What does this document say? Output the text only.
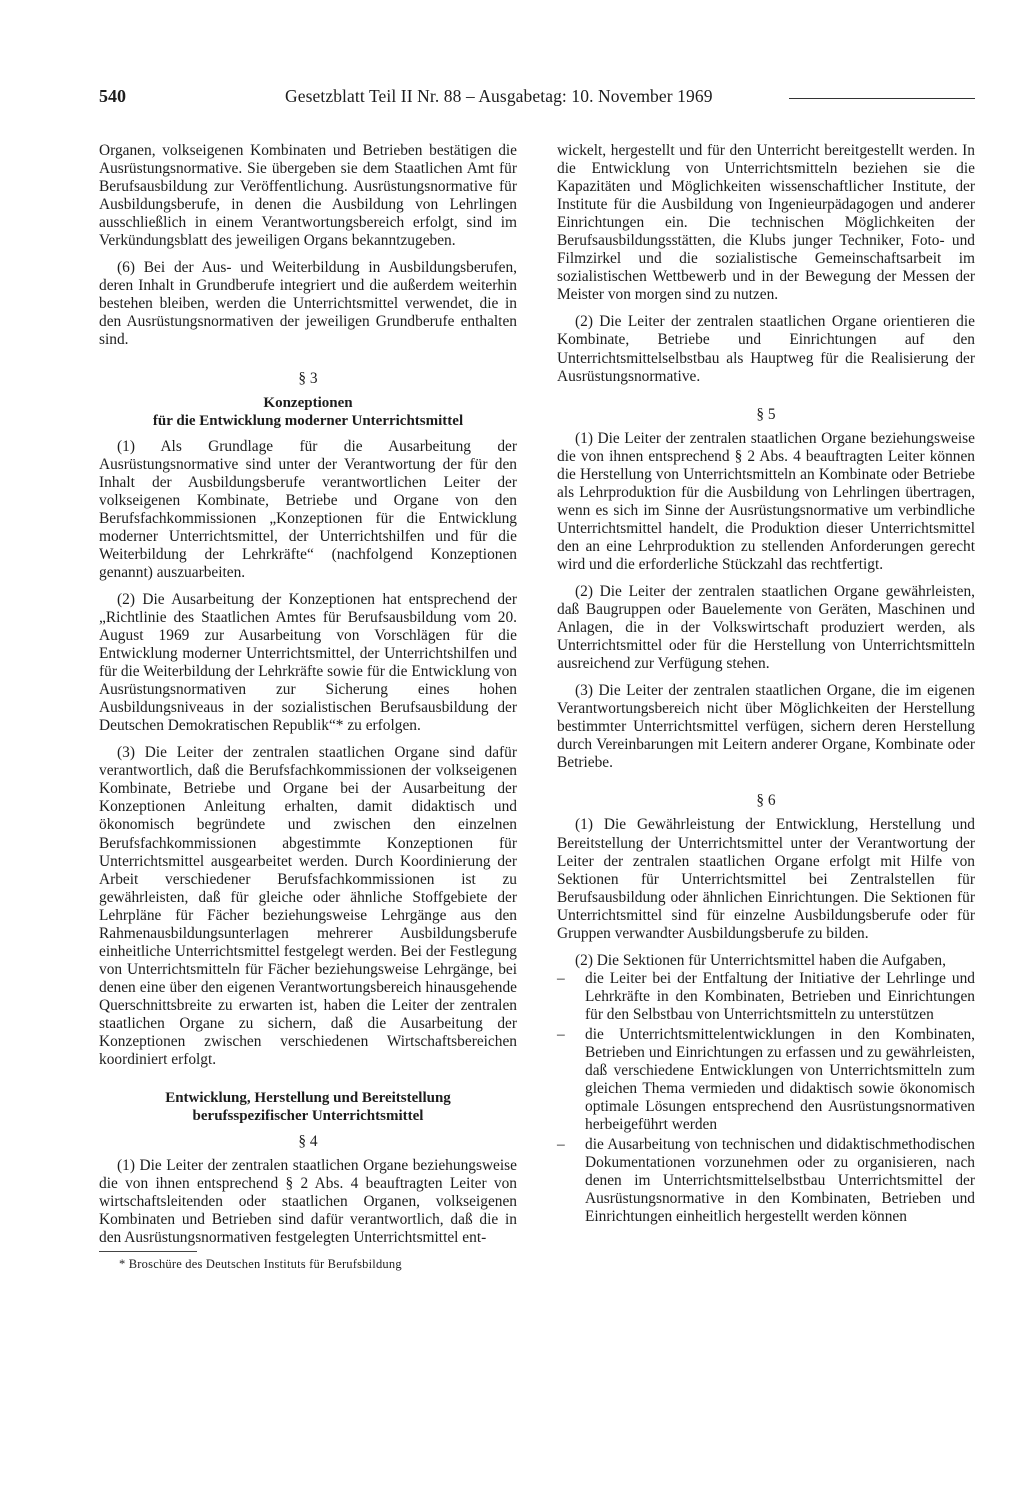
540	Gesetzblatt Teil II Nr. 88 – Ausgabetag: 10. November 1969

Organen, volkseigenen Kombinaten und Betrieben bestätigen die Ausrüstungsnormative. Sie übergeben sie dem Staatlichen Amt für Berufsausbildung zur Veröffentlichung. Ausrüstungsnormative für Ausbildungsberufe, in denen die Ausbildung von Lehrlingen ausschließlich in einem Verantwortungsbereich erfolgt, sind im Verkündungsblatt des jeweiligen Organs bekanntzugeben.

(6) Bei der Aus- und Weiterbildung in Ausbildungsberufen, deren Inhalt in Grundberufe integriert und die außerdem weiterhin bestehen bleiben, werden die Unterrichtsmittel verwendet, die in den Ausrüstungsnormativen der jeweiligen Grundberufe enthalten sind.

§ 3
Konzeptionen
für die Entwicklung moderner Unterrichtsmittel

(1) Als Grundlage für die Ausarbeitung der Ausrüstungsnormative sind unter der Verantwortung der für den Inhalt der Ausbildungsberufe verantwortlichen Leiter der volkseigenen Kombinate, Betriebe und Organe von den Berufsfachkommissionen „Konzeptionen für die Entwicklung moderner Unterrichtsmittel, der Unterrichtshilfen und für die Weiterbildung der Lehrkräfte“ (nachfolgend Konzeptionen genannt) auszuarbeiten.

(2) Die Ausarbeitung der Konzeptionen hat entsprechend der „Richtlinie des Staatlichen Amtes für Berufsausbildung vom 20. August 1969 zur Ausarbeitung von Vorschlägen für die Entwicklung moderner Unterrichtsmittel, der Unterrichtshilfen und für die Weiterbildung der Lehrkräfte sowie für die Entwicklung von Ausrüstungsnormativen zur Sicherung eines hohen Ausbildungsniveaus in der sozialistischen Berufsausbildung der Deutschen Demokratischen Republik“* zu erfolgen.

(3) Die Leiter der zentralen staatlichen Organe sind dafür verantwortlich, daß die Berufsfachkommissionen der volkseigenen Kombinate, Betriebe und Organe bei der Ausarbeitung der Konzeptionen Anleitung erhalten, damit didaktisch und ökonomisch begründete und zwischen den einzelnen Berufsfachkommissionen abgestimmte Konzeptionen für Unterrichtsmittel ausgearbeitet werden. Durch Koordinierung der Arbeit verschiedener Berufsfachkommissionen ist zu gewährleisten, daß für gleiche oder ähnliche Stoffgebiete der Lehrpläne für Fächer beziehungsweise Lehrgänge aus den Rahmenausbildungsunterlagen mehrerer Ausbildungsberufe einheitliche Unterrichtsmittel festgelegt werden. Bei der Festlegung von Unterrichtsmitteln für Fächer beziehungsweise Lehrgänge, bei denen eine über den eigenen Verantwortungsbereich hinausgehende Querschnittsbreite zu erwarten ist, haben die Leiter der zentralen staatlichen Organe zu sichern, daß die Ausarbeitung der Konzeptionen zwischen verschiedenen Wirtschaftsbereichen koordiniert erfolgt.

Entwicklung, Herstellung und Bereitstellung
berufsspezifischer Unterrichtsmittel
§ 4

(1) Die Leiter der zentralen staatlichen Organe beziehungsweise die von ihnen entsprechend § 2 Abs. 4 beauftragten Leiter von wirtschaftsleitenden oder staatlichen Organen, volkseigenen Kombinaten und Betrieben sind dafür verantwortlich, daß die in den Ausrüstungsnormativen festgelegten Unterrichtsmittel ent-

* Broschüre des Deutschen Instituts für Berufsbildung

wickelt, hergestellt und für den Unterricht bereitgestellt werden. In die Entwicklung von Unterrichtsmitteln beziehen sie die Kapazitäten und Möglichkeiten wissenschaftlicher Institute, der Institute für die Ausbildung von Ingenieurpädagogen und anderer Einrichtungen ein. Die technischen Möglichkeiten der Berufsausbildungsstätten, die Klubs junger Techniker, Foto- und Filmzirkel und die sozialistische Gemeinschaftsarbeit im sozialistischen Wettbewerb und in der Bewegung der Messen der Meister von morgen sind zu nutzen.

(2) Die Leiter der zentralen staatlichen Organe orientieren die Kombinate, Betriebe und Einrichtungen auf den Unterrichtsmittelselbstbau als Hauptweg für die Realisierung der Ausrüstungsnormative.

§ 5

(1) Die Leiter der zentralen staatlichen Organe beziehungsweise die von ihnen entsprechend § 2 Abs. 4 beauftragten Leiter können die Herstellung von Unterrichtsmitteln an Kombinate oder Betriebe als Lehrproduktion für die Ausbildung von Lehrlingen übertragen, wenn es sich im Sinne der Ausrüstungsnormative um verbindliche Unterrichtsmittel handelt, die Produktion dieser Unterrichtsmittel den an eine Lehrproduktion zu stellenden Anforderungen gerecht wird und die erforderliche Stückzahl das rechtfertigt.

(2) Die Leiter der zentralen staatlichen Organe gewährleisten, daß Baugruppen oder Bauelemente von Geräten, Maschinen und Anlagen, die in der Volkswirtschaft produziert werden, als Unterrichtsmittel oder für die Herstellung von Unterrichtsmitteln ausreichend zur Verfügung stehen.

(3) Die Leiter der zentralen staatlichen Organe, die im eigenen Verantwortungsbereich nicht über Möglichkeiten der Herstellung bestimmter Unterrichtsmittel verfügen, sichern deren Herstellung durch Vereinbarungen mit Leitern anderer Organe, Kombinate oder Betriebe.

§ 6

(1) Die Gewährleistung der Entwicklung, Herstellung und Bereitstellung der Unterrichtsmittel unter der Verantwortung der Leiter der zentralen staatlichen Organe erfolgt mit Hilfe von Sektionen für Unterrichtsmittel bei Zentralstellen für Berufsausbildung oder ähnlichen Einrichtungen. Die Sektionen für Unterrichtsmittel sind für einzelne Ausbildungsberufe oder für Gruppen verwandter Ausbildungsberufe zu bilden.

(2) Die Sektionen für Unterrichtsmittel haben die Aufgaben,

– die Leiter bei der Entfaltung der Initiative der Lehrlinge und Lehrkräfte in den Kombinaten, Betrieben und Einrichtungen für den Selbstbau von Unterrichtsmitteln zu unterstützen
– die Unterrichtsmittelentwicklungen in den Kombinaten, Betrieben und Einrichtungen zu erfassen und zu gewährleisten, daß verschiedene Entwicklungen von Unterrichtsmitteln zum gleichen Thema vermieden und didaktisch sowie ökonomisch optimale Lösungen entsprechend den Ausrüstungsnormativen herbeigeführt werden
– die Ausarbeitung von technischen und didaktischmethodischen Dokumentationen vorzunehmen oder zu organisieren, nach denen im Unterrichtsmittelselbstbau Unterrichtsmittel der Ausrüstungsnormative in den Kombinaten, Betrieben und Einrichtungen einheitlich hergestellt werden können
